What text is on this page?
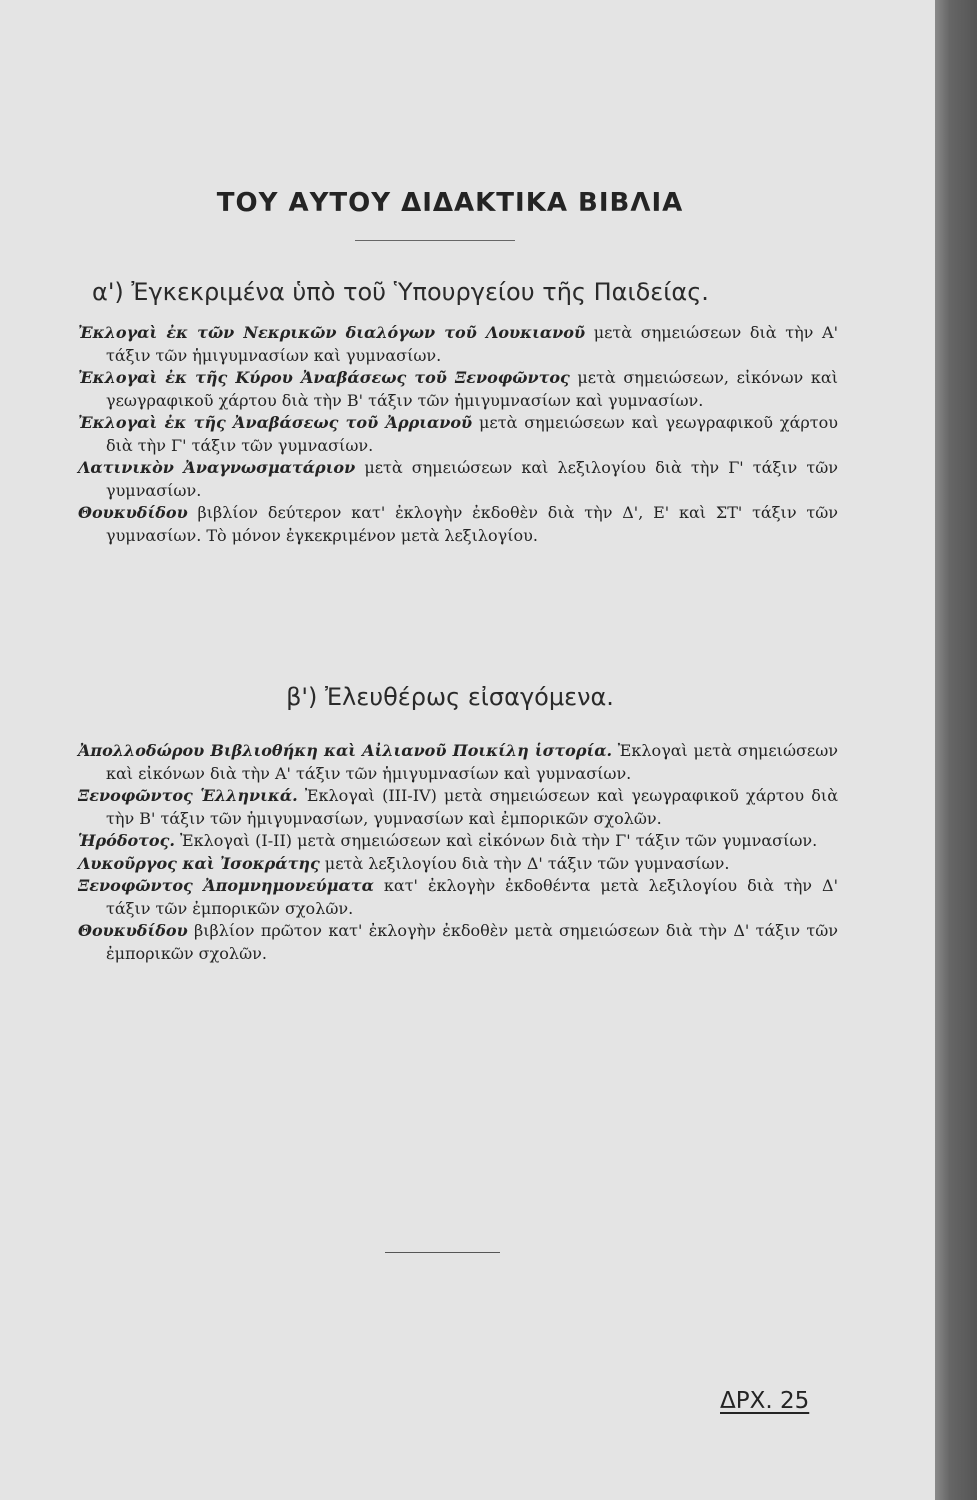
ΤΟΥ ΑΥΤΟΥ ΔΙΔΑΚΤΙΚΑ ΒΙΒΛΙΑ
α') Ἐγκεκριμένα ὑπὸ τοῦ Ὑπουργείου τῆς Παιδείας.

Ἐκλογαὶ ἐκ τῶν Νεκρικῶν διαλόγων τοῦ Λουκιανοῦ μετὰ σημειώσεων διὰ τὴν Α' τάξιν τῶν ἡμιγυμνασίων καὶ γυμνασίων.

Ἐκλογαὶ ἐκ τῆς Κύρου Ἀναβάσεως τοῦ Ξενοφῶντος μετὰ σημειώσεων, εἰκόνων καὶ γεωγραφικοῦ χάρτου διὰ τὴν Β' τάξιν τῶν ἡμιγυμνασίων καὶ γυμνασίων.

Ἐκλογαὶ ἐκ τῆς Ἀναβάσεως τοῦ Ἀρριανοῦ μετὰ σημειώσεων καὶ γεωγραφικοῦ χάρτου διὰ τὴν Γ' τάξιν τῶν γυμνασίων.

Λατινικὸν Ἀναγνωσματάριον μετὰ σημειώσεων καὶ λεξιλογίου διὰ τὴν Γ' τάξιν τῶν γυμνασίων.

Θουκυδίδου βιβλίον δεύτερον κατ' ἐκλογὴν ἐκδοθὲν διὰ τὴν Δ', Ε' καὶ ΣΤ' τάξιν τῶν γυμνασίων. Τὸ μόνον ἐγκεκριμένον μετὰ λεξιλογίου.

β') Ἐλευθέρως εἰσαγόμενα.

Ἀπολλοδώρου Βιβλιοθήκη καὶ Αἰλιανοῦ Ποικίλη ἱστορία. Ἐκλογαὶ μετὰ σημειώσεων καὶ εἰκόνων διὰ τὴν Α' τάξιν τῶν ἡμιγυμνασίων καὶ γυμνασίων.

Ξενοφῶντος Ἑλληνικά. Ἐκλογαὶ (III-IV) μετὰ σημειώσεων καὶ γεωγραφικοῦ χάρτου διὰ τὴν Β' τάξιν τῶν ἡμιγυμνασίων, γυμνασίων καὶ ἐμπορικῶν σχολῶν.

Ἡρόδοτος. Ἐκλογαὶ (I-II) μετὰ σημειώσεων καὶ εἰκόνων διὰ τὴν Γ' τάξιν τῶν γυμνασίων.

Λυκοῦργος καὶ Ἰσοκράτης μετὰ λεξιλογίου διὰ τὴν Δ' τάξιν τῶν γυμνασίων.

Ξενοφῶντος Ἀπομνημονεύματα κατ' ἐκλογὴν ἐκδοθέντα μετὰ λεξιλογίου διὰ τὴν Δ' τάξιν τῶν ἐμπορικῶν σχολῶν.

Θουκυδίδου βιβλίον πρῶτον κατ' ἐκλογὴν ἐκδοθὲν μετὰ σημειώσεων διὰ τὴν Δ' τάξιν τῶν ἐμπορικῶν σχολῶν.

ΔΡΧ. 25
